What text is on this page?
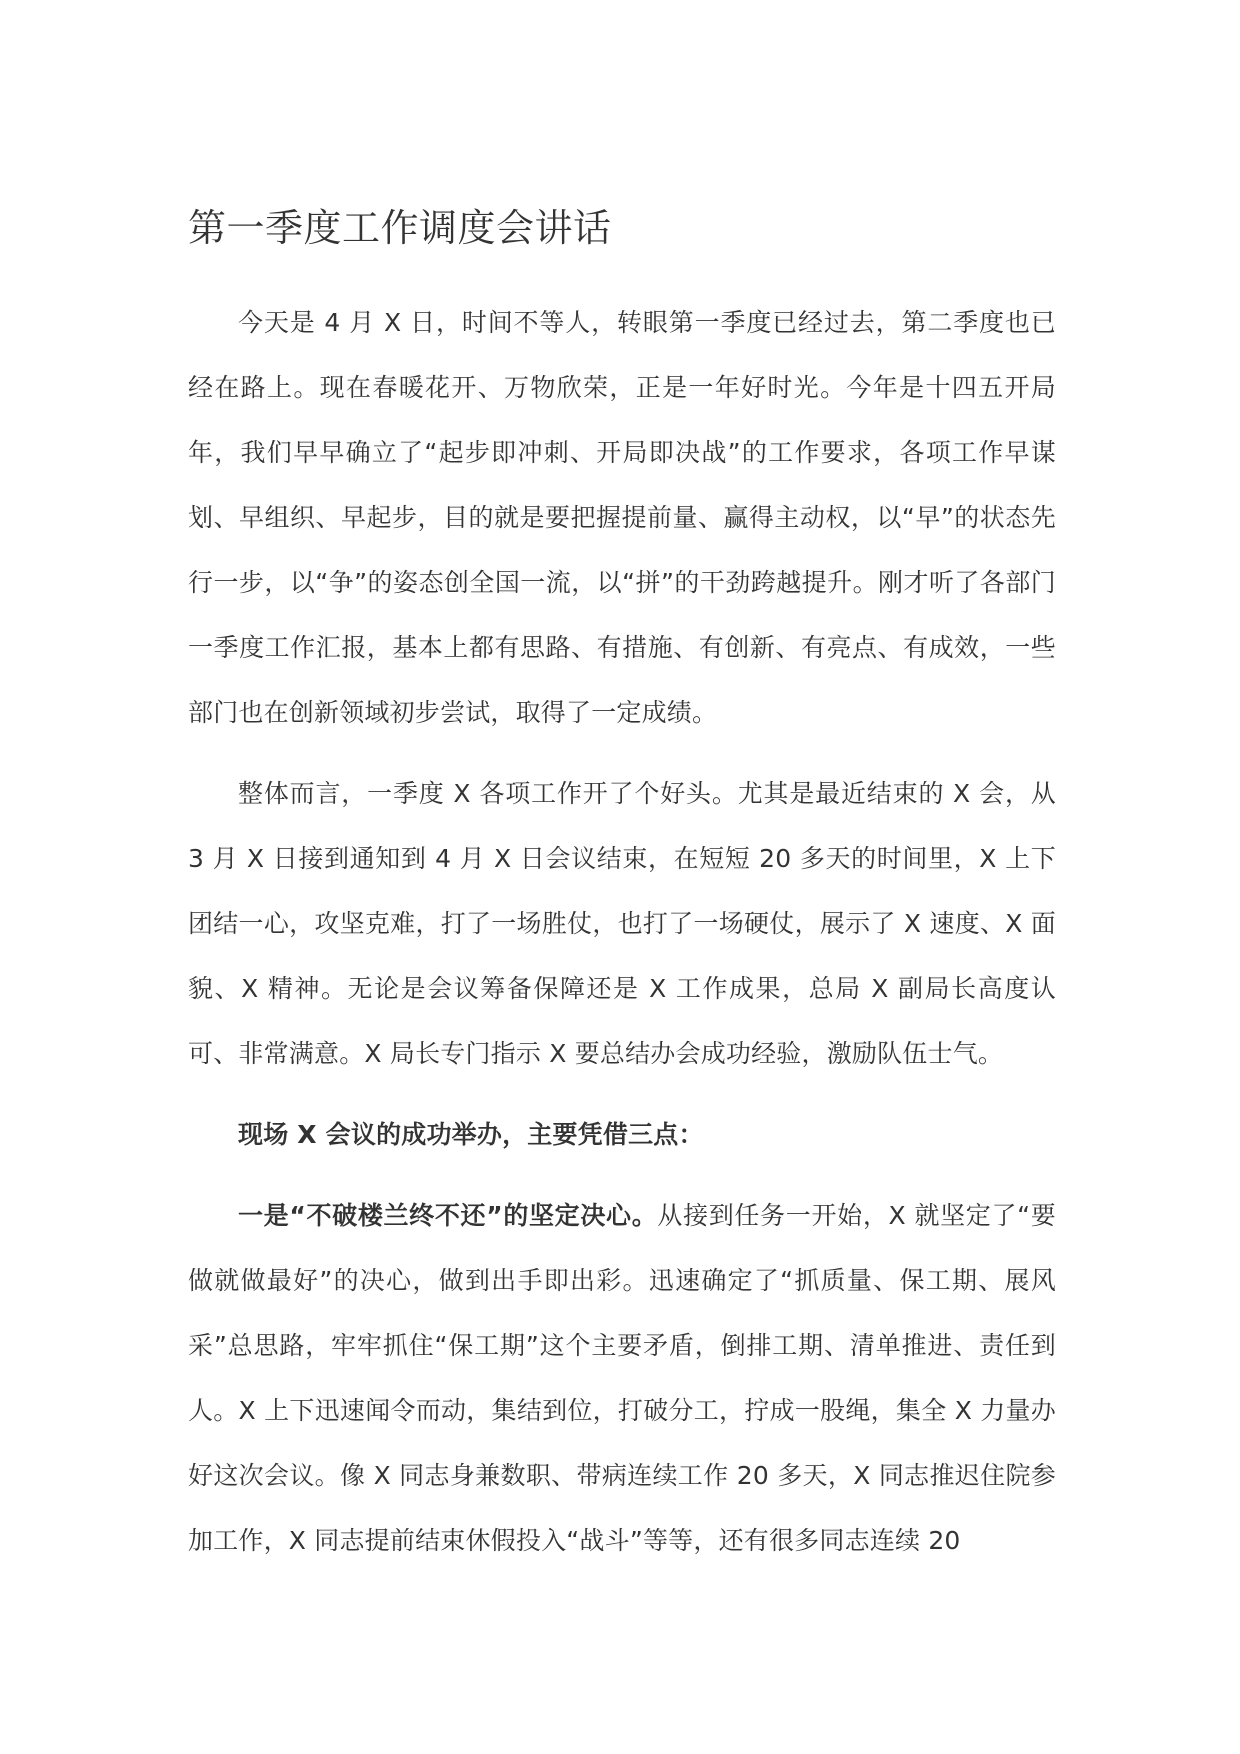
第一季度工作调度会讲话

今天是 4 月 X 日，时间不等人，转眼第一季度已经过去，第二季度也已经在路上。现在春暖花开、万物欣荣，正是一年好时光。今年是十四五开局年，我们早早确立了“起步即冲刺、开局即决战”的工作要求，各项工作早谋划、早组织、早起步，目的就是要把握提前量、赢得主动权，以“早”的状态先行一步，以“争”的姿态创全国一流，以“拼”的干劲跨越提升。刚才听了各部门一季度工作汇报，基本上都有思路、有措施、有创新、有亮点、有成效，一些部门也在创新领域初步尝试，取得了一定成绩。

整体而言，一季度 X 各项工作开了个好头。尤其是最近结束的 X 会，从 3 月 X 日接到通知到 4 月 X 日会议结束，在短短 20 多天的时间里，X 上下团结一心，攻坚克难，打了一场胜仗，也打了一场硬仗，展示了 X 速度、X 面貌、X 精神。无论是会议筹备保障还是 X 工作成果，总局 X 副局长高度认可、非常满意。X 局长专门指示 X 要总结办会成功经验，激励队伍士气。

现场 X 会议的成功举办，主要凭借三点：

一是“不破楼兰终不还”的坚定决心。从接到任务一开始，X 就坚定了“要做就做最好”的决心，做到出手即出彩。迅速确定了“抓质量、保工期、展风采”总思路，牢牢抓住“保工期”这个主要矛盾，倒排工期、清单推进、责任到人。X 上下迅速闻令而动，集结到位，打破分工，拧成一股绳，集全 X 力量办好这次会议。像 X 同志身兼数职、带病连续工作 20 多天，X 同志推迟住院参加工作，X 同志提前结束休假投入“战斗”等等，还有很多同志连续 20
